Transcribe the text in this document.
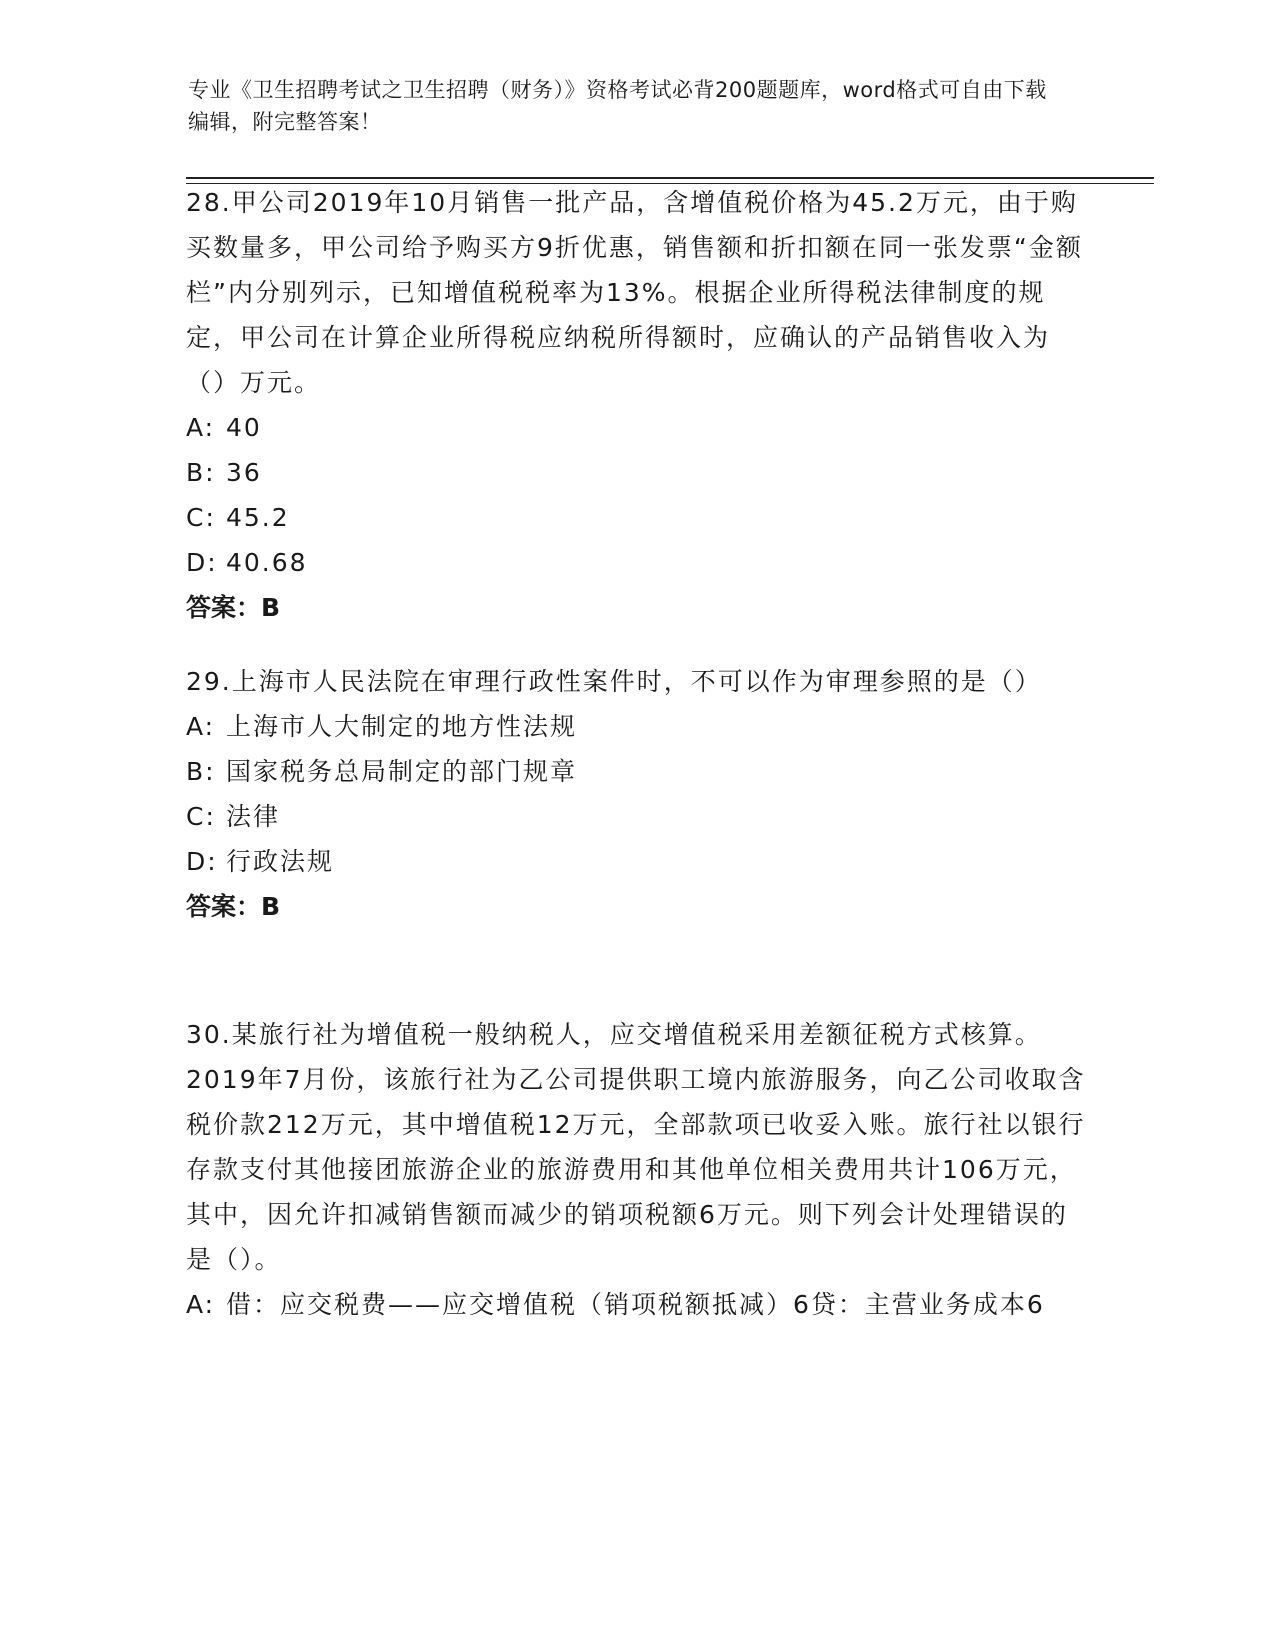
专业《卫生招聘考试之卫生招聘（财务）》资格考试必背200题题库，word格式可自由下载编辑，附完整答案！

28.甲公司2019年10月销售一批产品，含增值税价格为45.2万元，由于购买数量多，甲公司给予购买方9折优惠，销售额和折扣额在同一张发票“金额栏”内分别列示，已知增值税税率为13%。根据企业所得税法律制度的规定，甲公司在计算企业所得税应纳税所得额时，应确认的产品销售收入为（）万元。

A: 40

B: 36

C: 45.2

D: 40.68

答案：B

29.上海市人民法院在审理行政性案件时，不可以作为审理参照的是（）

A: 上海市人大制定的地方性法规

B: 国家税务总局制定的部门规章

C: 法律

D: 行政法规

答案：B

30.某旅行社为增值税一般纳税人，应交增值税采用差额征税方式核算。2019年7月份，该旅行社为乙公司提供职工境内旅游服务，向乙公司收取含税价款212万元，其中增值税12万元，全部款项已收妥入账。旅行社以银行存款支付其他接团旅游企业的旅游费用和其他单位相关费用共计106万元，其中，因允许扣减销售额而减少的销项税额6万元。则下列会计处理错误的是（）。

A: 借：应交税费——应交增值税（销项税额抵减）6贷：主营业务成本6
